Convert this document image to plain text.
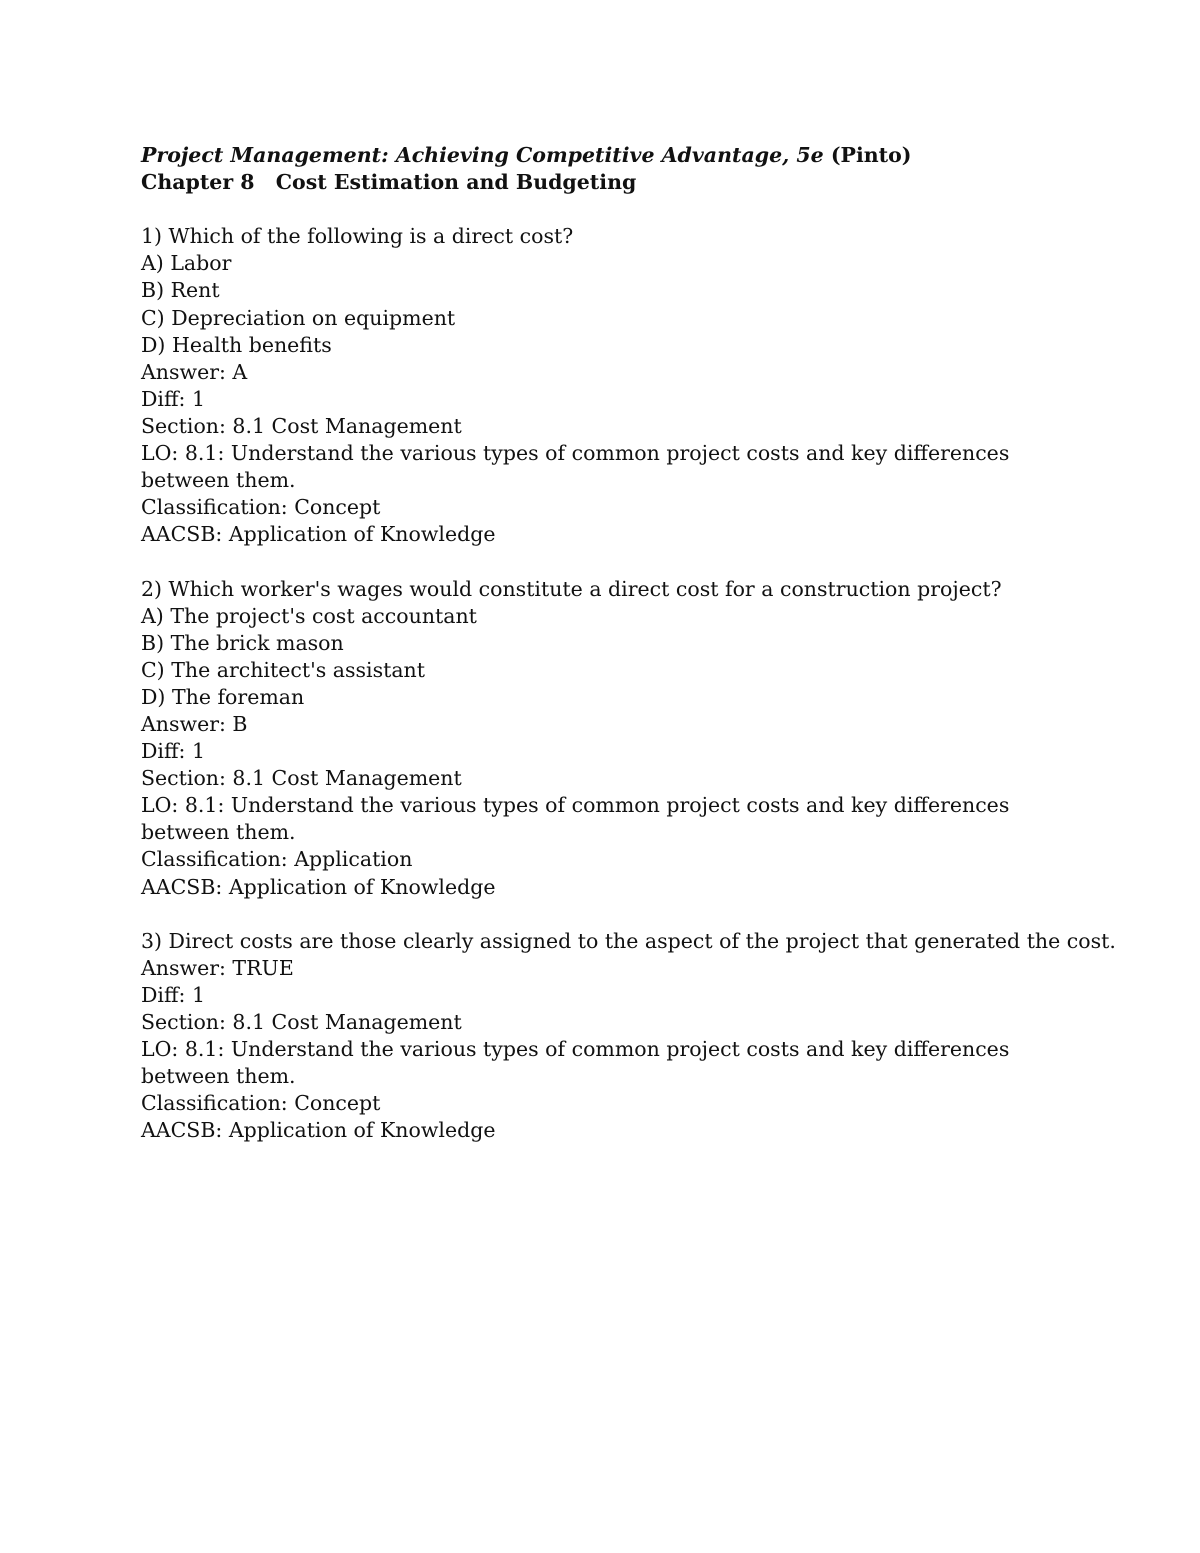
Project Management: Achieving Competitive Advantage, 5e (Pinto)
Chapter 8 Cost Estimation and Budgeting
1) Which of the following is a direct cost?
A) Labor
B) Rent
C) Depreciation on equipment
D) Health benefits
Answer: A
Diff: 1
Section: 8.1 Cost Management
LO: 8.1: Understand the various types of common project costs and key differences between them.
Classification: Concept
AACSB: Application of Knowledge
2) Which worker's wages would constitute a direct cost for a construction project?
A) The project's cost accountant
B) The brick mason
C) The architect's assistant
D) The foreman
Answer: B
Diff: 1
Section: 8.1 Cost Management
LO: 8.1: Understand the various types of common project costs and key differences between them.
Classification: Application
AACSB: Application of Knowledge
3) Direct costs are those clearly assigned to the aspect of the project that generated the cost.
Answer: TRUE
Diff: 1
Section: 8.1 Cost Management
LO: 8.1: Understand the various types of common project costs and key differences between them.
Classification: Concept
AACSB: Application of Knowledge
